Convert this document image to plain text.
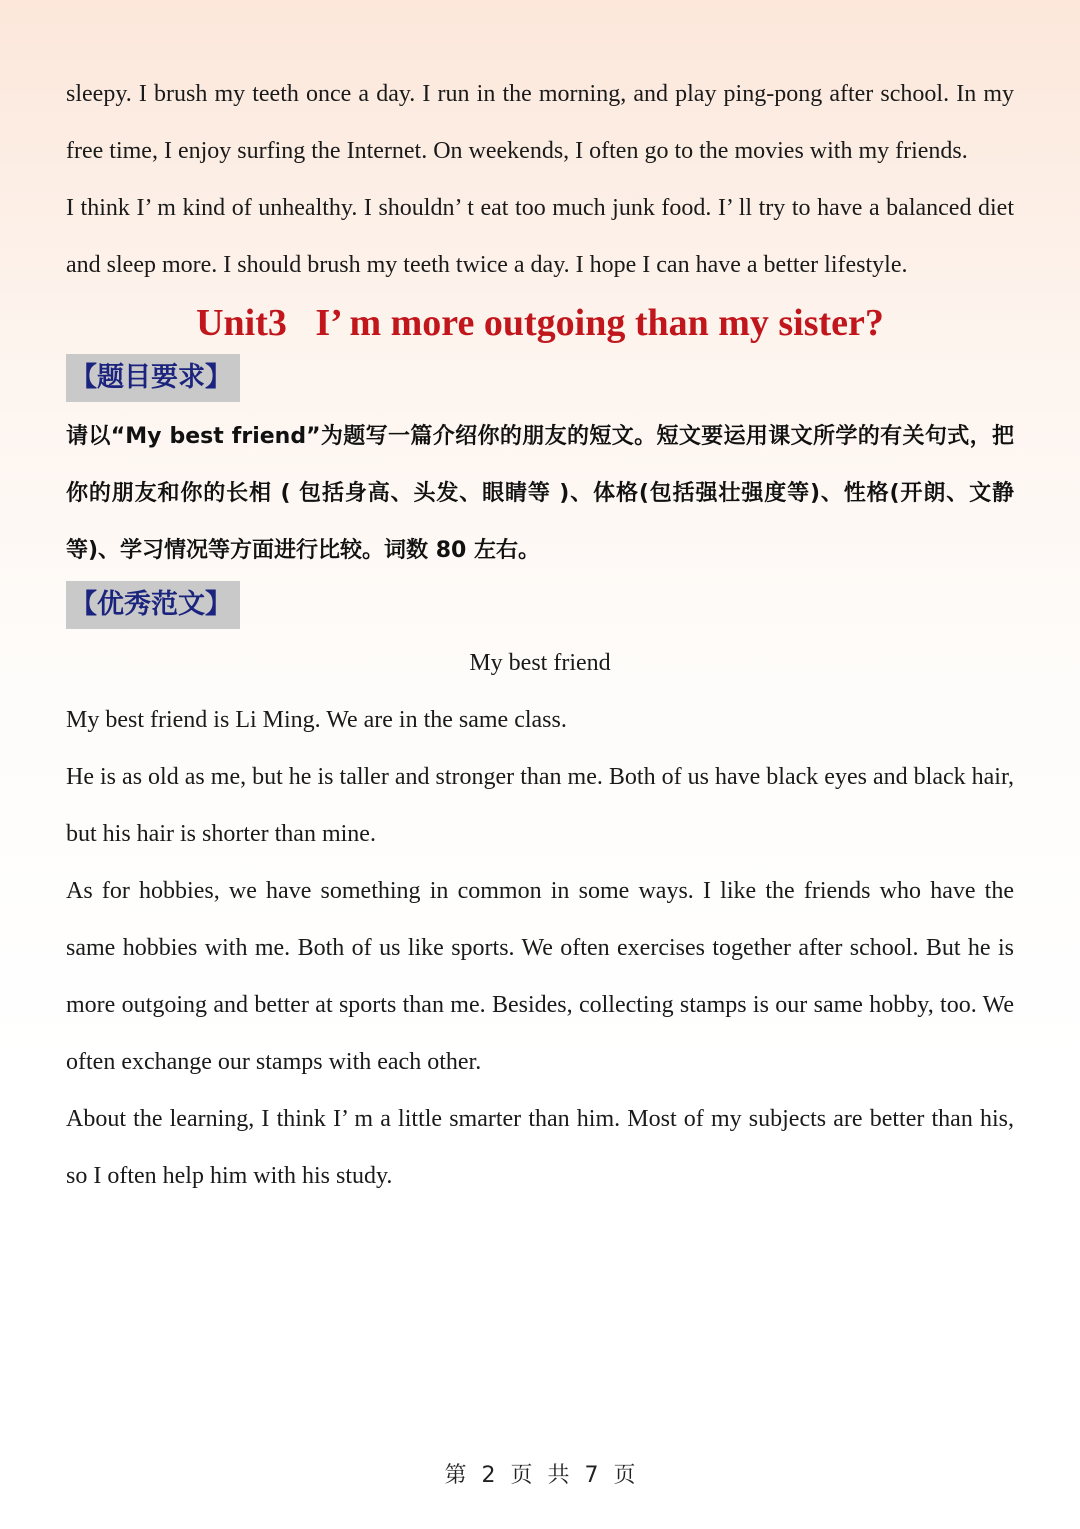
sleepy. I brush my teeth once a day. I run in the morning, and play ping-pong after school. In my free time, I enjoy surfing the Internet. On weekends, I often go to the movies with my friends.

I think I’ m kind of unhealthy. I shouldn’ t eat too much junk food. I’ ll try to have a balanced diet and sleep more. I should brush my teeth twice a day. I hope I can have a better lifestyle.

Unit3   I’ m more outgoing than my sister?
【题目要求】

请以“My best friend”为题写一篇介绍你的朋友的短文。短文要运用课文所学的有关句式，把你的朋友和你的长相 ( 包括身高、头发、眼睛等 )、体格(包括强壮强度等)、性格(开朗、文静等)、学习情况等方面进行比较。词数 80 左右。

【优秀范文】

My best friend

My best friend is Li Ming. We are in the same class.

He is as old as me, but he is taller and stronger than me. Both of us have black eyes and black hair, but his hair is shorter than mine.

As for hobbies, we have something in common in some ways. I like the friends who have the same hobbies with me. Both of us like sports. We often exercises together after school. But he is more outgoing and better at sports than me. Besides, collecting stamps is our same hobby, too. We often exchange our stamps with each other.

About the learning, I think I’ m a little smarter than him. Most of my subjects are better than his, so I often help him with his study.

第 2 页 共 7 页
